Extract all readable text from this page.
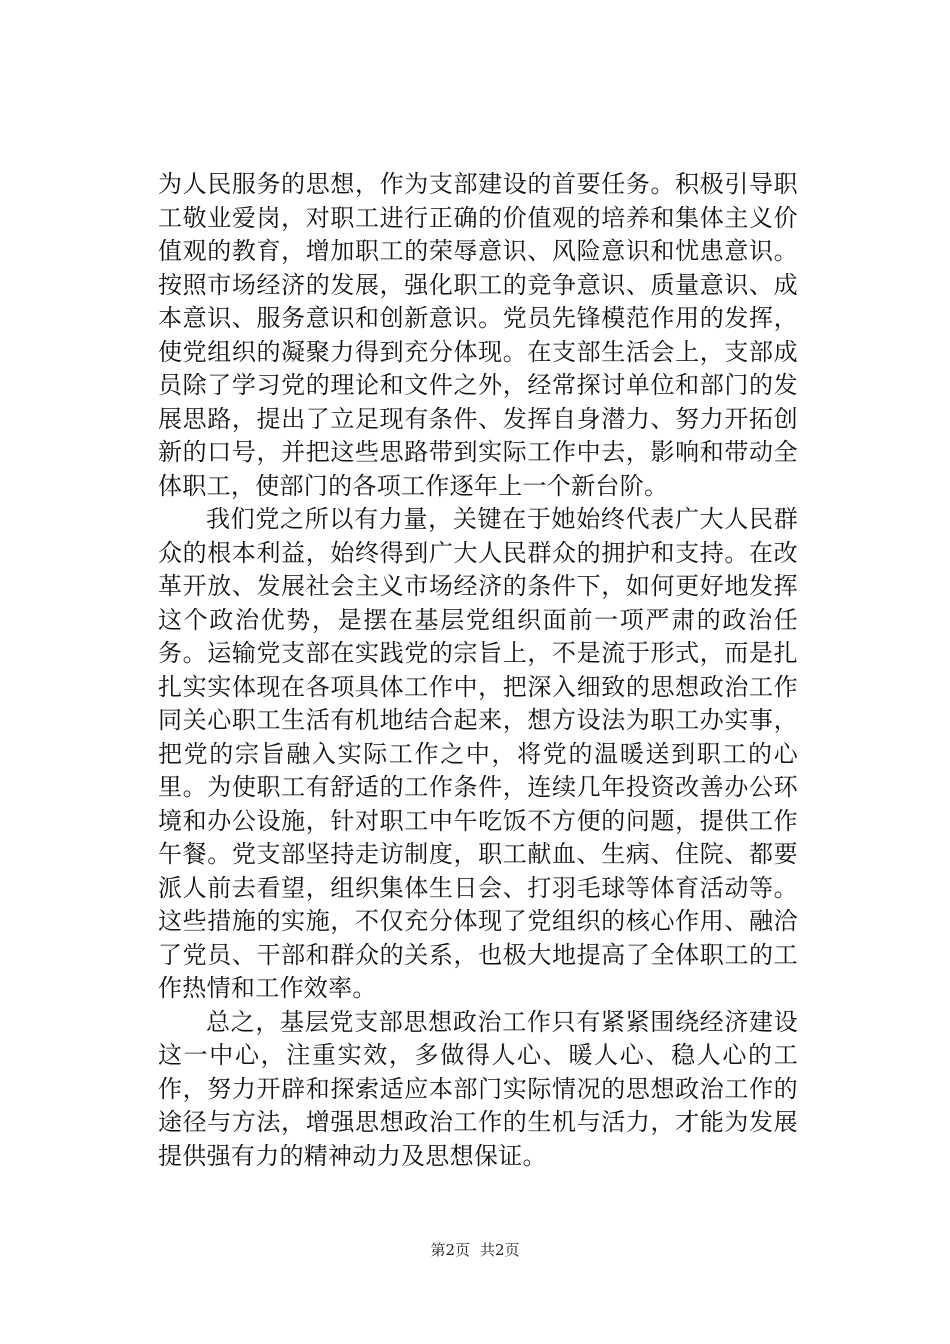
为人民服务的思想，作为支部建设的首要任务。积极引导职工敬业爱岗，对职工进行正确的价值观的培养和集体主义价值观的教育，增加职工的荣辱意识、风险意识和忧患意识。按照市场经济的发展，强化职工的竞争意识、质量意识、成本意识、服务意识和创新意识。党员先锋模范作用的发挥，使党组织的凝聚力得到充分体现。在支部生活会上，支部成员除了学习党的理论和文件之外，经常探讨单位和部门的发展思路，提出了立足现有条件、发挥自身潜力、努力开拓创新的口号，并把这些思路带到实际工作中去，影响和带动全体职工，使部门的各项工作逐年上一个新台阶。

我们党之所以有力量，关键在于她始终代表广大人民群众的根本利益，始终得到广大人民群众的拥护和支持。在改革开放、发展社会主义市场经济的条件下，如何更好地发挥这个政治优势，是摆在基层党组织面前一项严肃的政治任务。运输党支部在实践党的宗旨上，不是流于形式，而是扎扎实实体现在各项具体工作中，把深入细致的思想政治工作同关心职工生活有机地结合起来，想方设法为职工办实事，把党的宗旨融入实际工作之中，将党的温暖送到职工的心里。为使职工有舒适的工作条件，连续几年投资改善办公环境和办公设施，针对职工中午吃饭不方便的问题，提供工作午餐。党支部坚持走访制度，职工献血、生病、住院、都要派人前去看望，组织集体生日会、打羽毛球等体育活动等。这些措施的实施，不仅充分体现了党组织的核心作用、融洽了党员、干部和群众的关系，也极大地提高了全体职工的工作热情和工作效率。

总之，基层党支部思想政治工作只有紧紧围绕经济建设这一中心，注重实效，多做得人心、暖人心、稳人心的工作，努力开辟和探索适应本部门实际情况的思想政治工作的途径与方法，增强思想政治工作的生机与活力，才能为发展提供强有力的精神动力及思想保证。

第2页 共2页
